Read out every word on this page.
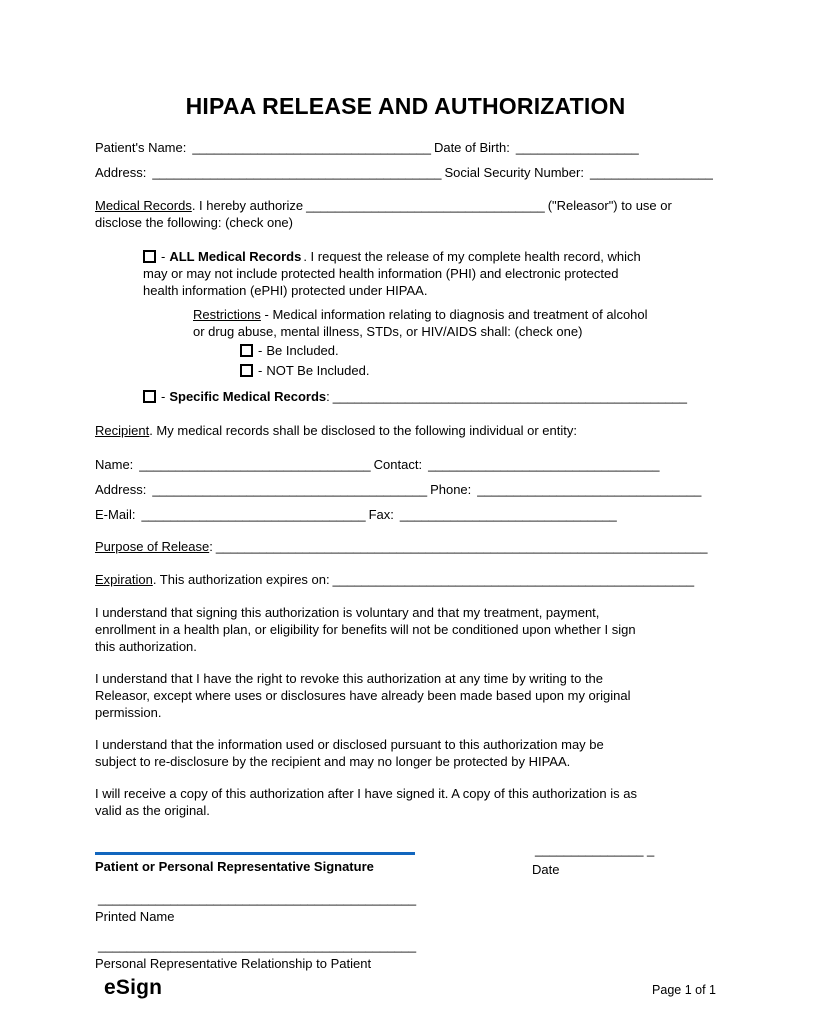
HIPAA RELEASE AND AUTHORIZATION
Patient's Name: _________________________________ Date of Birth: _________________
Address: ________________________________________ Social Security Number: _________________
Medical Records. I hereby authorize _________________________________ ("Releasor") to use or
disclose the following: (check one)
- ALL Medical Records . I request the release of my complete health record, which
may or may not include protected health information (PHI) and electronic protected
health information (ePHI) protected under HIPAA.
Restrictions - Medical information relating to diagnosis and treatment of alcohol
or drug abuse, mental illness, STDs, or HIV/AIDS shall: (check one)
- Be Included.
- NOT Be Included.
- Specific Medical Records: _________________________________________________
Recipient. My medical records shall be disclosed to the following individual or entity:
Name: ________________________________ Contact: ________________________________
Address: ______________________________________ Phone: _______________________________
E-Mail: _______________________________ Fax: ______________________________
Purpose of Release: ____________________________________________________________________
Expiration. This authorization expires on: __________________________________________________
I understand that signing this authorization is voluntary and that my treatment, payment,
enrollment in a health plan, or eligibility for benefits will not be conditioned upon whether I sign
this authorization.
I understand that I have the right to revoke this authorization at any time by writing to the
Releasor, except where uses or disclosures have already been made based upon my original
permission.
I understand that the information used or disclosed pursuant to this authorization may be
subject to re-disclosure by the recipient and may no longer be protected by HIPAA.
I will receive a copy of this authorization after I have signed it. A copy of this authorization is as
valid as the original.
Patient or Personal Representative Signature
_______________ _
Date
____________________________________________
Printed Name
____________________________________________
Personal Representative Relationship to Patient
eSign	Page 1 of 1
